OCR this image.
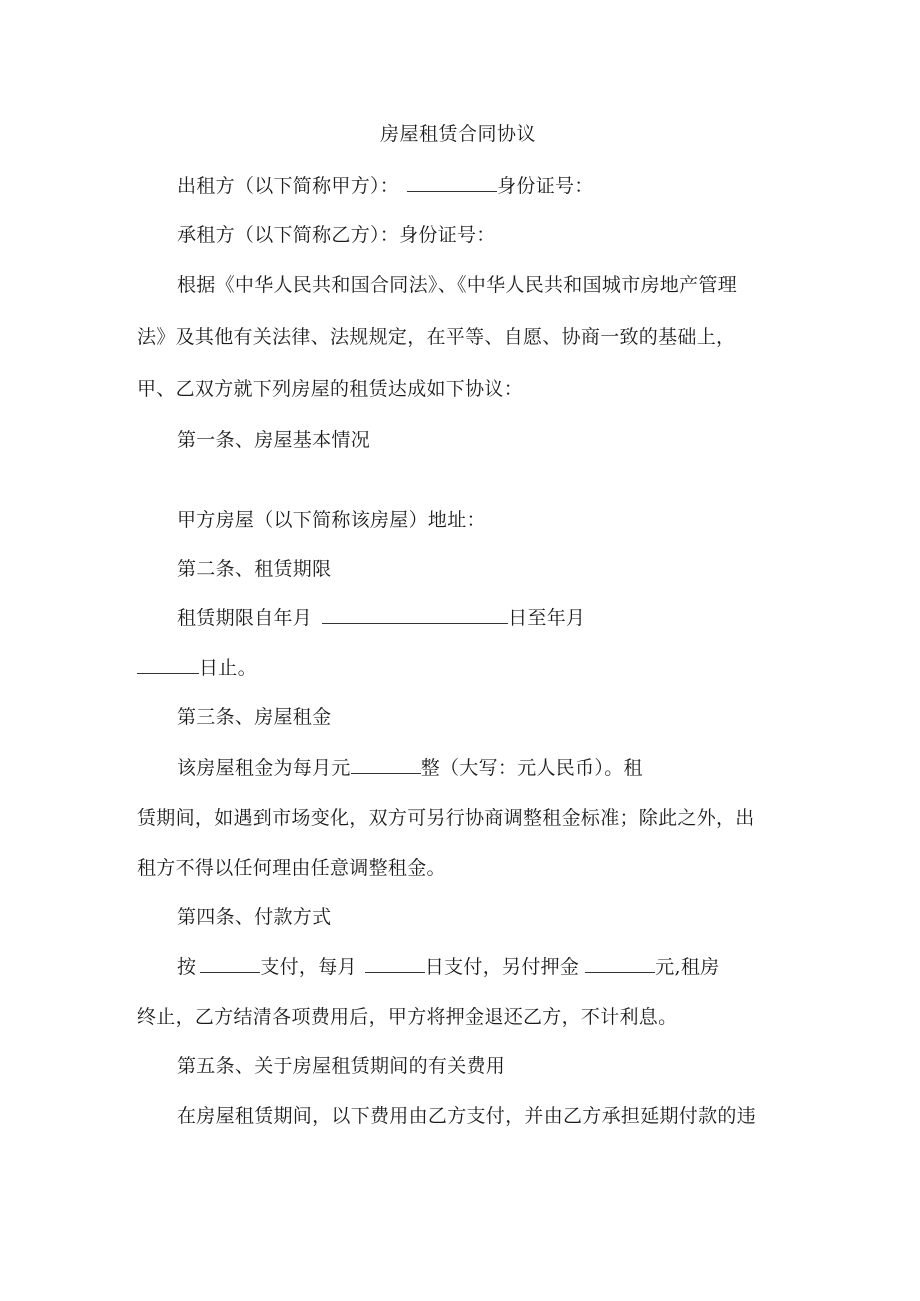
房屋租赁合同协议
出租方（以下简称甲方）：	身份证号：
承租方（以下简称乙方）：身份证号：
根据《中华人民共和国合同法》、《中华人民共和国城市房地产管理
法》及其他有关法律、法规规定，在平等、自愿、协商一致的基础上，
甲、乙双方就下列房屋的租赁达成如下协议：
第一条、房屋基本情况
甲方房屋（以下简称该房屋）地址：
第二条、租赁期限
租赁期限自年月	日至年月
日止。
第三条、房屋租金
该房屋租金为每月元	整（大写：元人民币）。租
赁期间，如遇到市场变化，双方可另行协商调整租金标准；除此之外，出
租方不得以任何理由任意调整租金。
第四条、付款方式
按	支付，每月	日支付，另付押金	元,租房
终止，乙方结清各项费用后，甲方将押金退还乙方，不计利息。
第五条、关于房屋租赁期间的有关费用
在房屋租赁期间，以下费用由乙方支付，并由乙方承担延期付款的违
